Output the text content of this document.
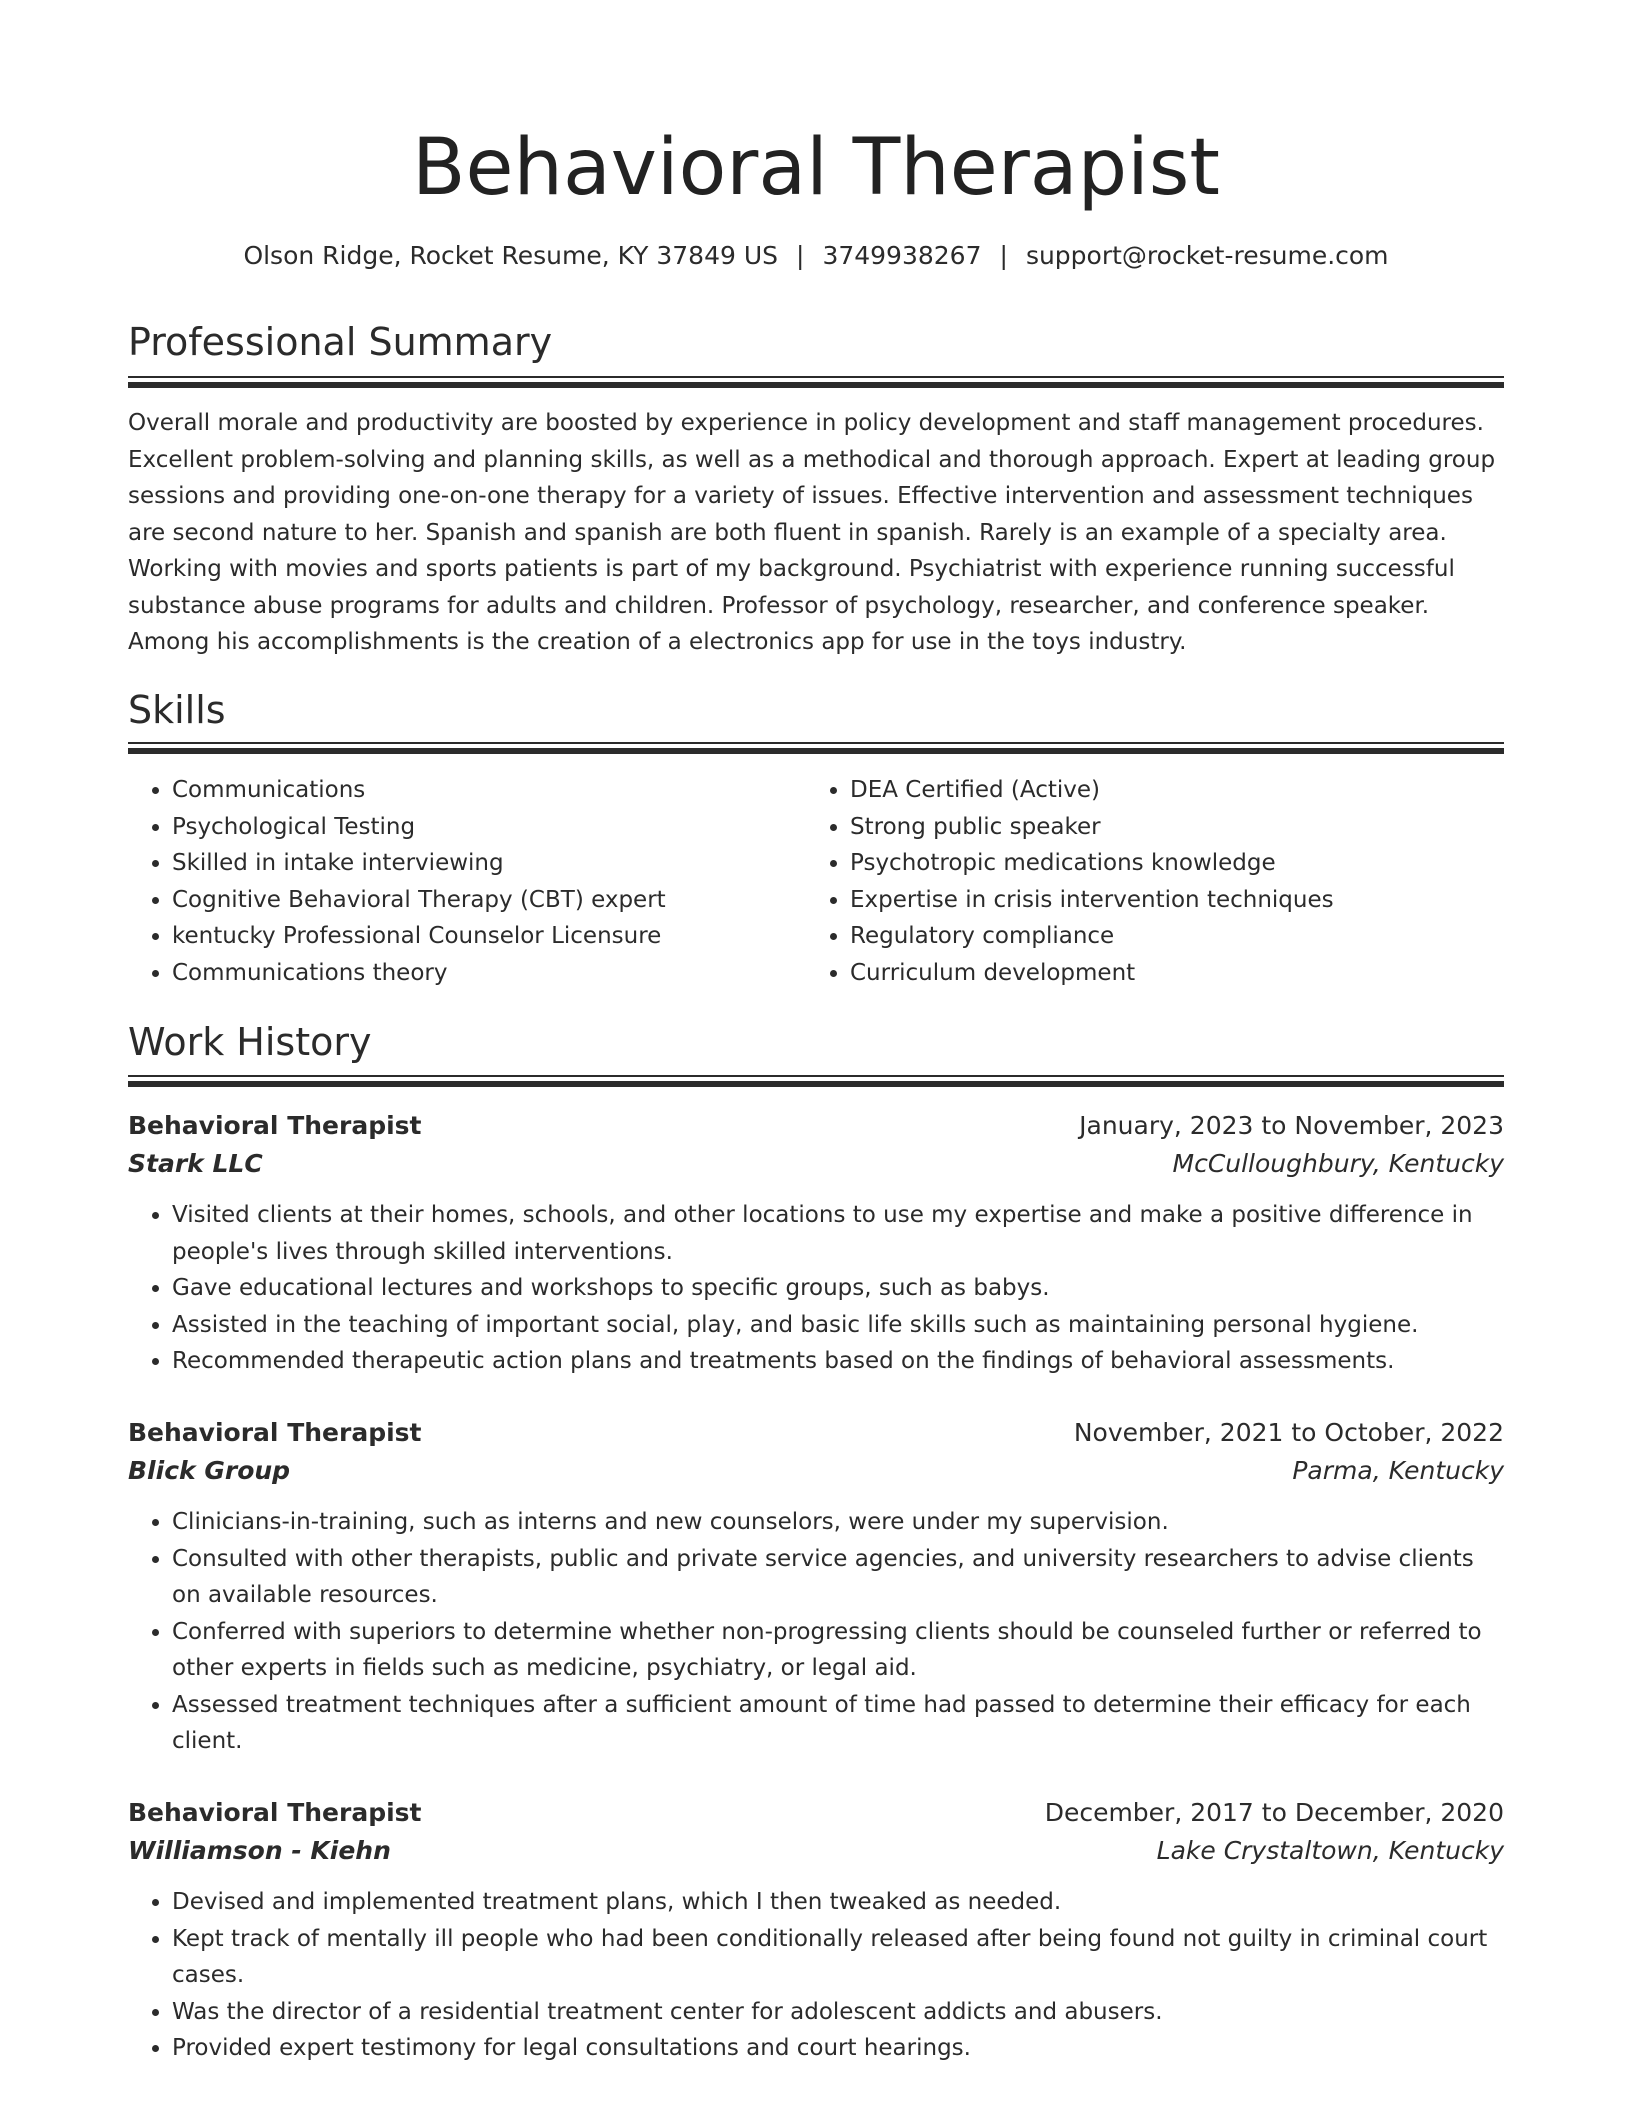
Behavioral Therapist
Olson Ridge, Rocket Resume, KY 37849 US | 3749938267 | support@rocket-resume.com
Professional Summary

Overall morale and productivity are boosted by experience in policy development and staff management procedures. Excellent problem-solving and planning skills, as well as a methodical and thorough approach. Expert at leading group sessions and providing one-on-one therapy for a variety of issues. Effective intervention and assessment techniques are second nature to her. Spanish and spanish are both fluent in spanish. Rarely is an example of a specialty area. Working with movies and sports patients is part of my background. Psychiatrist with experience running successful substance abuse programs for adults and children. Professor of psychology, researcher, and conference speaker. Among his accomplishments is the creation of a electronics app for use in the toys industry.

Skills
• Communications
• Psychological Testing
• Skilled in intake interviewing
• Cognitive Behavioral Therapy (CBT) expert
• kentucky Professional Counselor Licensure
• Communications theory
• DEA Certified (Active)
• Strong public speaker
• Psychotropic medications knowledge
• Expertise in crisis intervention techniques
• Regulatory compliance
• Curriculum development
Work History
Behavioral Therapist	January, 2023 to November, 2023
Stark LLC	McCulloughbury, Kentucky
• Visited clients at their homes, schools, and other locations to use my expertise and make a positive difference in people's lives through skilled interventions.
• Gave educational lectures and workshops to specific groups, such as babys.
• Assisted in the teaching of important social, play, and basic life skills such as maintaining personal hygiene.
• Recommended therapeutic action plans and treatments based on the findings of behavioral assessments.
Behavioral Therapist	November, 2021 to October, 2022
Blick Group	Parma, Kentucky
• Clinicians-in-training, such as interns and new counselors, were under my supervision.
• Consulted with other therapists, public and private service agencies, and university researchers to advise clients on available resources.
• Conferred with superiors to determine whether non-progressing clients should be counseled further or referred to other experts in fields such as medicine, psychiatry, or legal aid.
• Assessed treatment techniques after a sufficient amount of time had passed to determine their efficacy for each client.
Behavioral Therapist	December, 2017 to December, 2020
Williamson - Kiehn	Lake Crystaltown, Kentucky
• Devised and implemented treatment plans, which I then tweaked as needed.
• Kept track of mentally ill people who had been conditionally released after being found not guilty in criminal court cases.
• Was the director of a residential treatment center for adolescent addicts and abusers.
• Provided expert testimony for legal consultations and court hearings.
